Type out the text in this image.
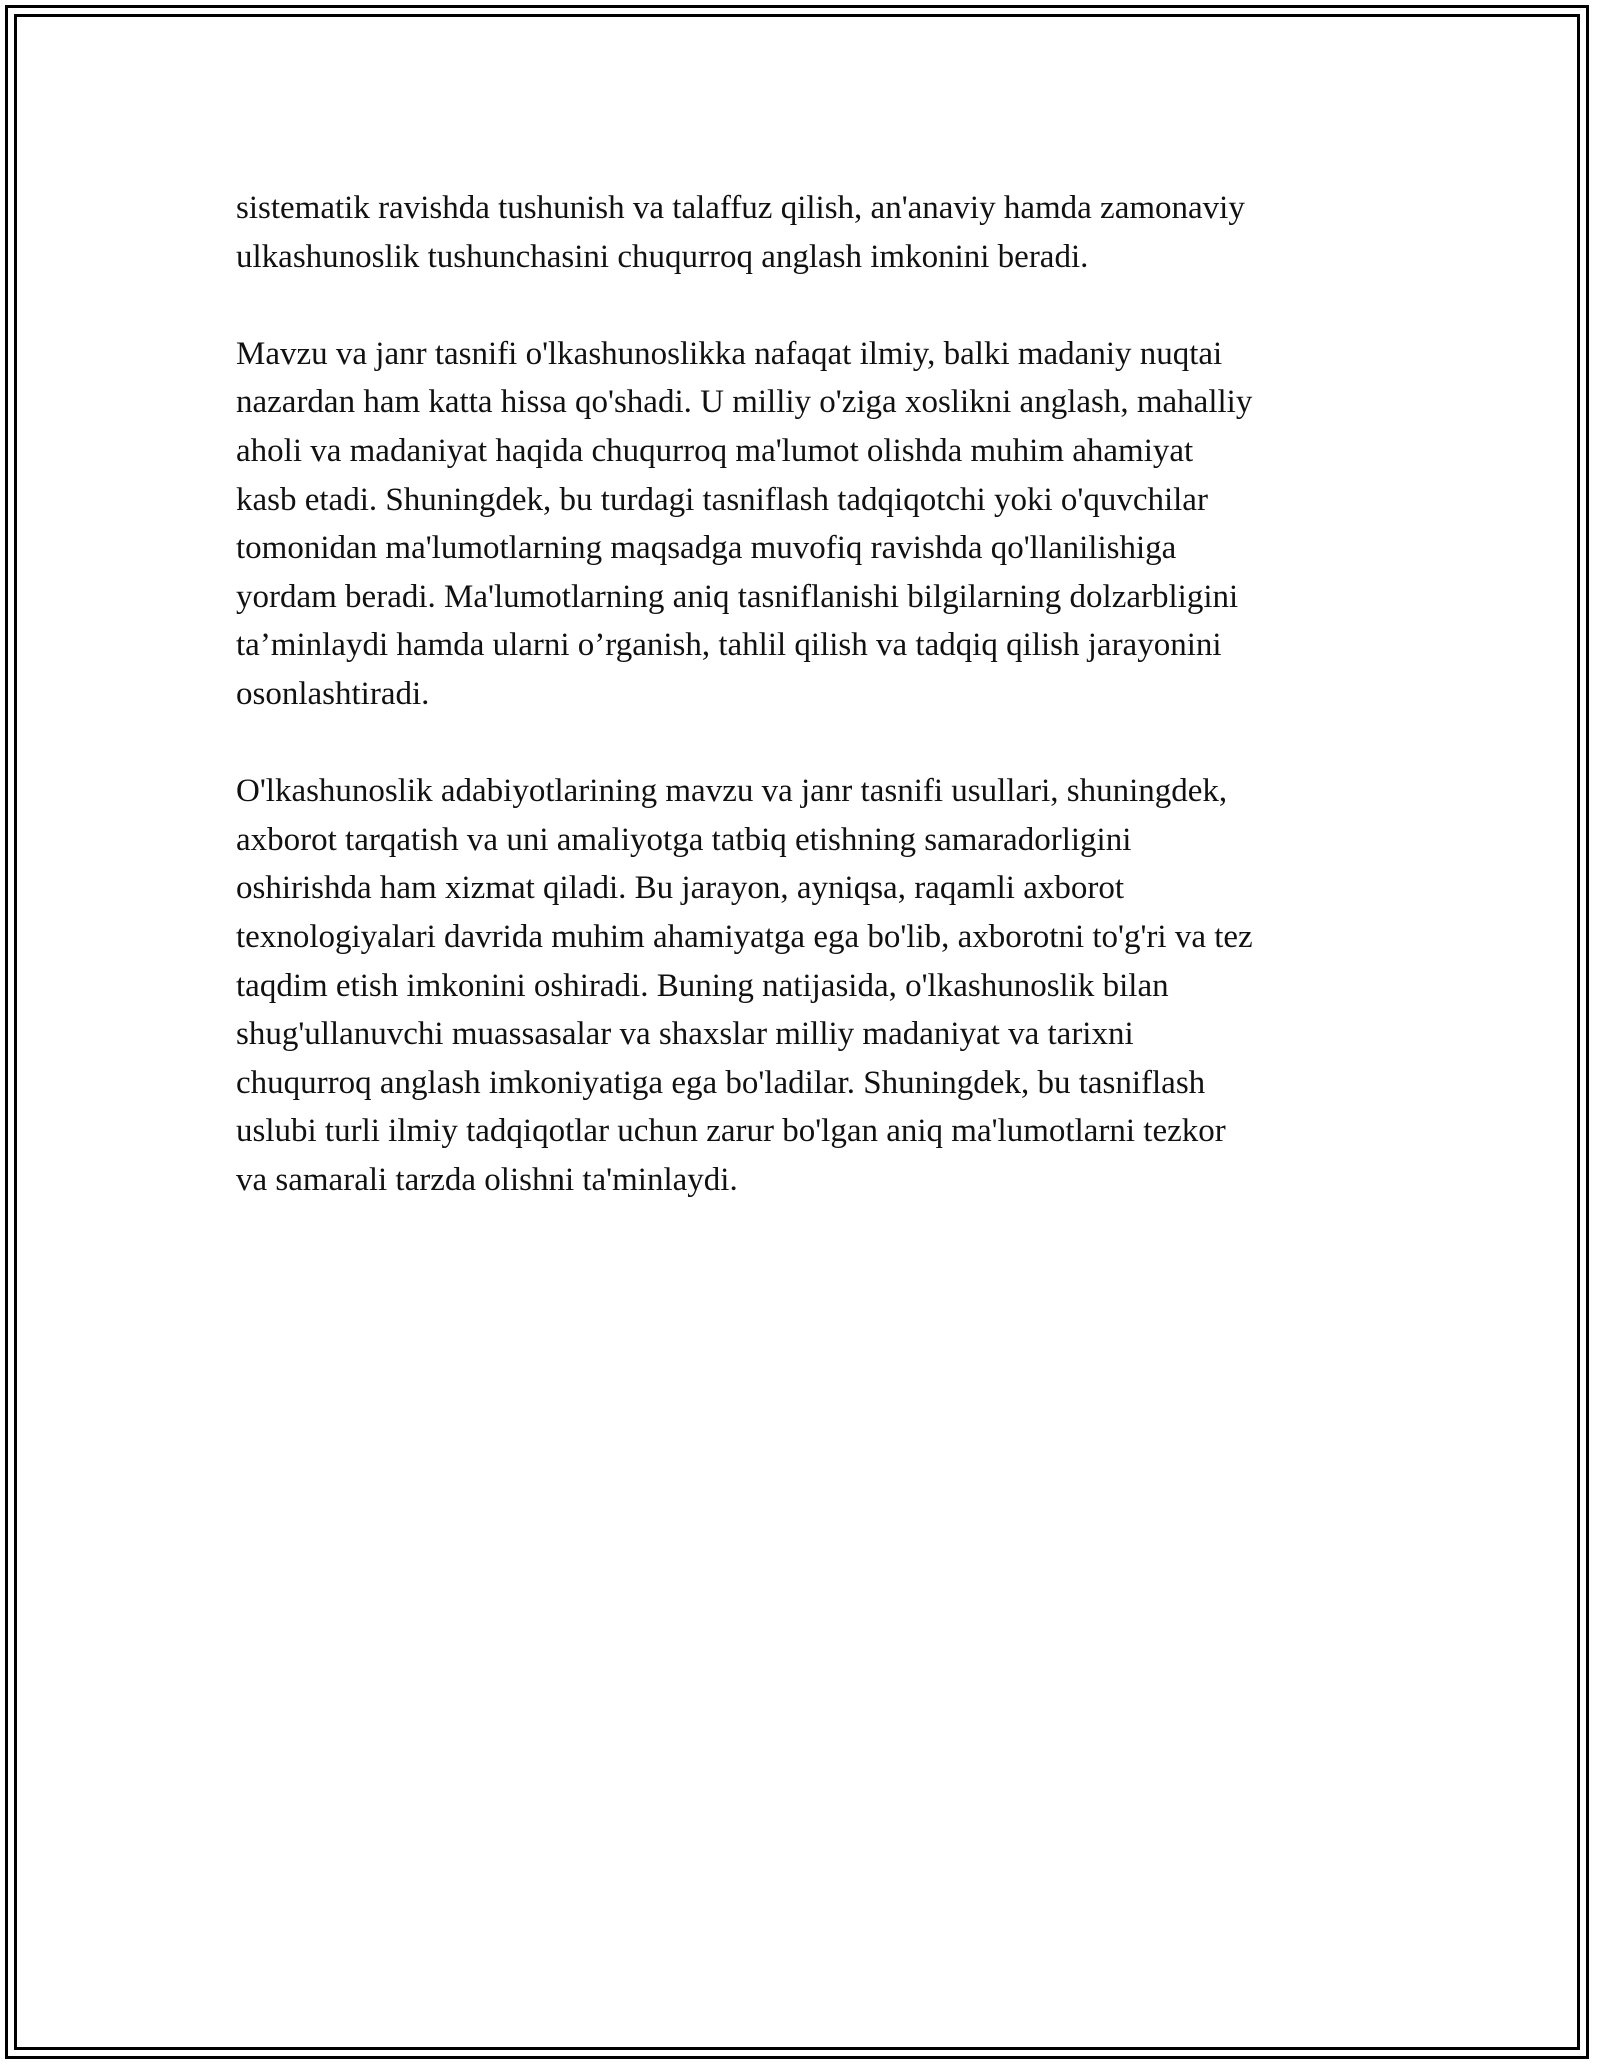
sistematik ravishda tushunish va talaffuz qilish, an'anaviy hamda zamonaviy
ulkashunoslik tushunchasini chuqurroq anglash imkonini beradi.

Mavzu va janr tasnifi o'lkashunoslikka nafaqat ilmiy, balki madaniy nuqtai
nazardan ham katta hissa qo'shadi. U milliy o'ziga xoslikni anglash, mahalliy
aholi va madaniyat haqida chuqurroq ma'lumot olishda muhim ahamiyat
kasb etadi. Shuningdek, bu turdagi tasniflash tadqiqotchi yoki o'quvchilar
tomonidan ma'lumotlarning maqsadga muvofiq ravishda qo'llanilishiga
yordam beradi. Ma'lumotlarning aniq tasniflanishi bilgilarning dolzarbligini
ta’minlaydi hamda ularni o’rganish, tahlil qilish va tadqiq qilish jarayonini
osonlashtiradi.

O'lkashunoslik adabiyotlarining mavzu va janr tasnifi usullari, shuningdek,
axborot tarqatish va uni amaliyotga tatbiq etishning samaradorligini
oshirishda ham xizmat qiladi. Bu jarayon, ayniqsa, raqamli axborot
texnologiyalari davrida muhim ahamiyatga ega bo'lib, axborotni to'g'ri va tez
taqdim etish imkonini oshiradi. Buning natijasida, o'lkashunoslik bilan
shug'ullanuvchi muassasalar va shaxslar milliy madaniyat va tarixni
chuqurroq anglash imkoniyatiga ega bo'ladilar. Shuningdek, bu tasniflash
uslubi turli ilmiy tadqiqotlar uchun zarur bo'lgan aniq ma'lumotlarni tezkor
va samarali tarzda olishni ta'minlaydi.
